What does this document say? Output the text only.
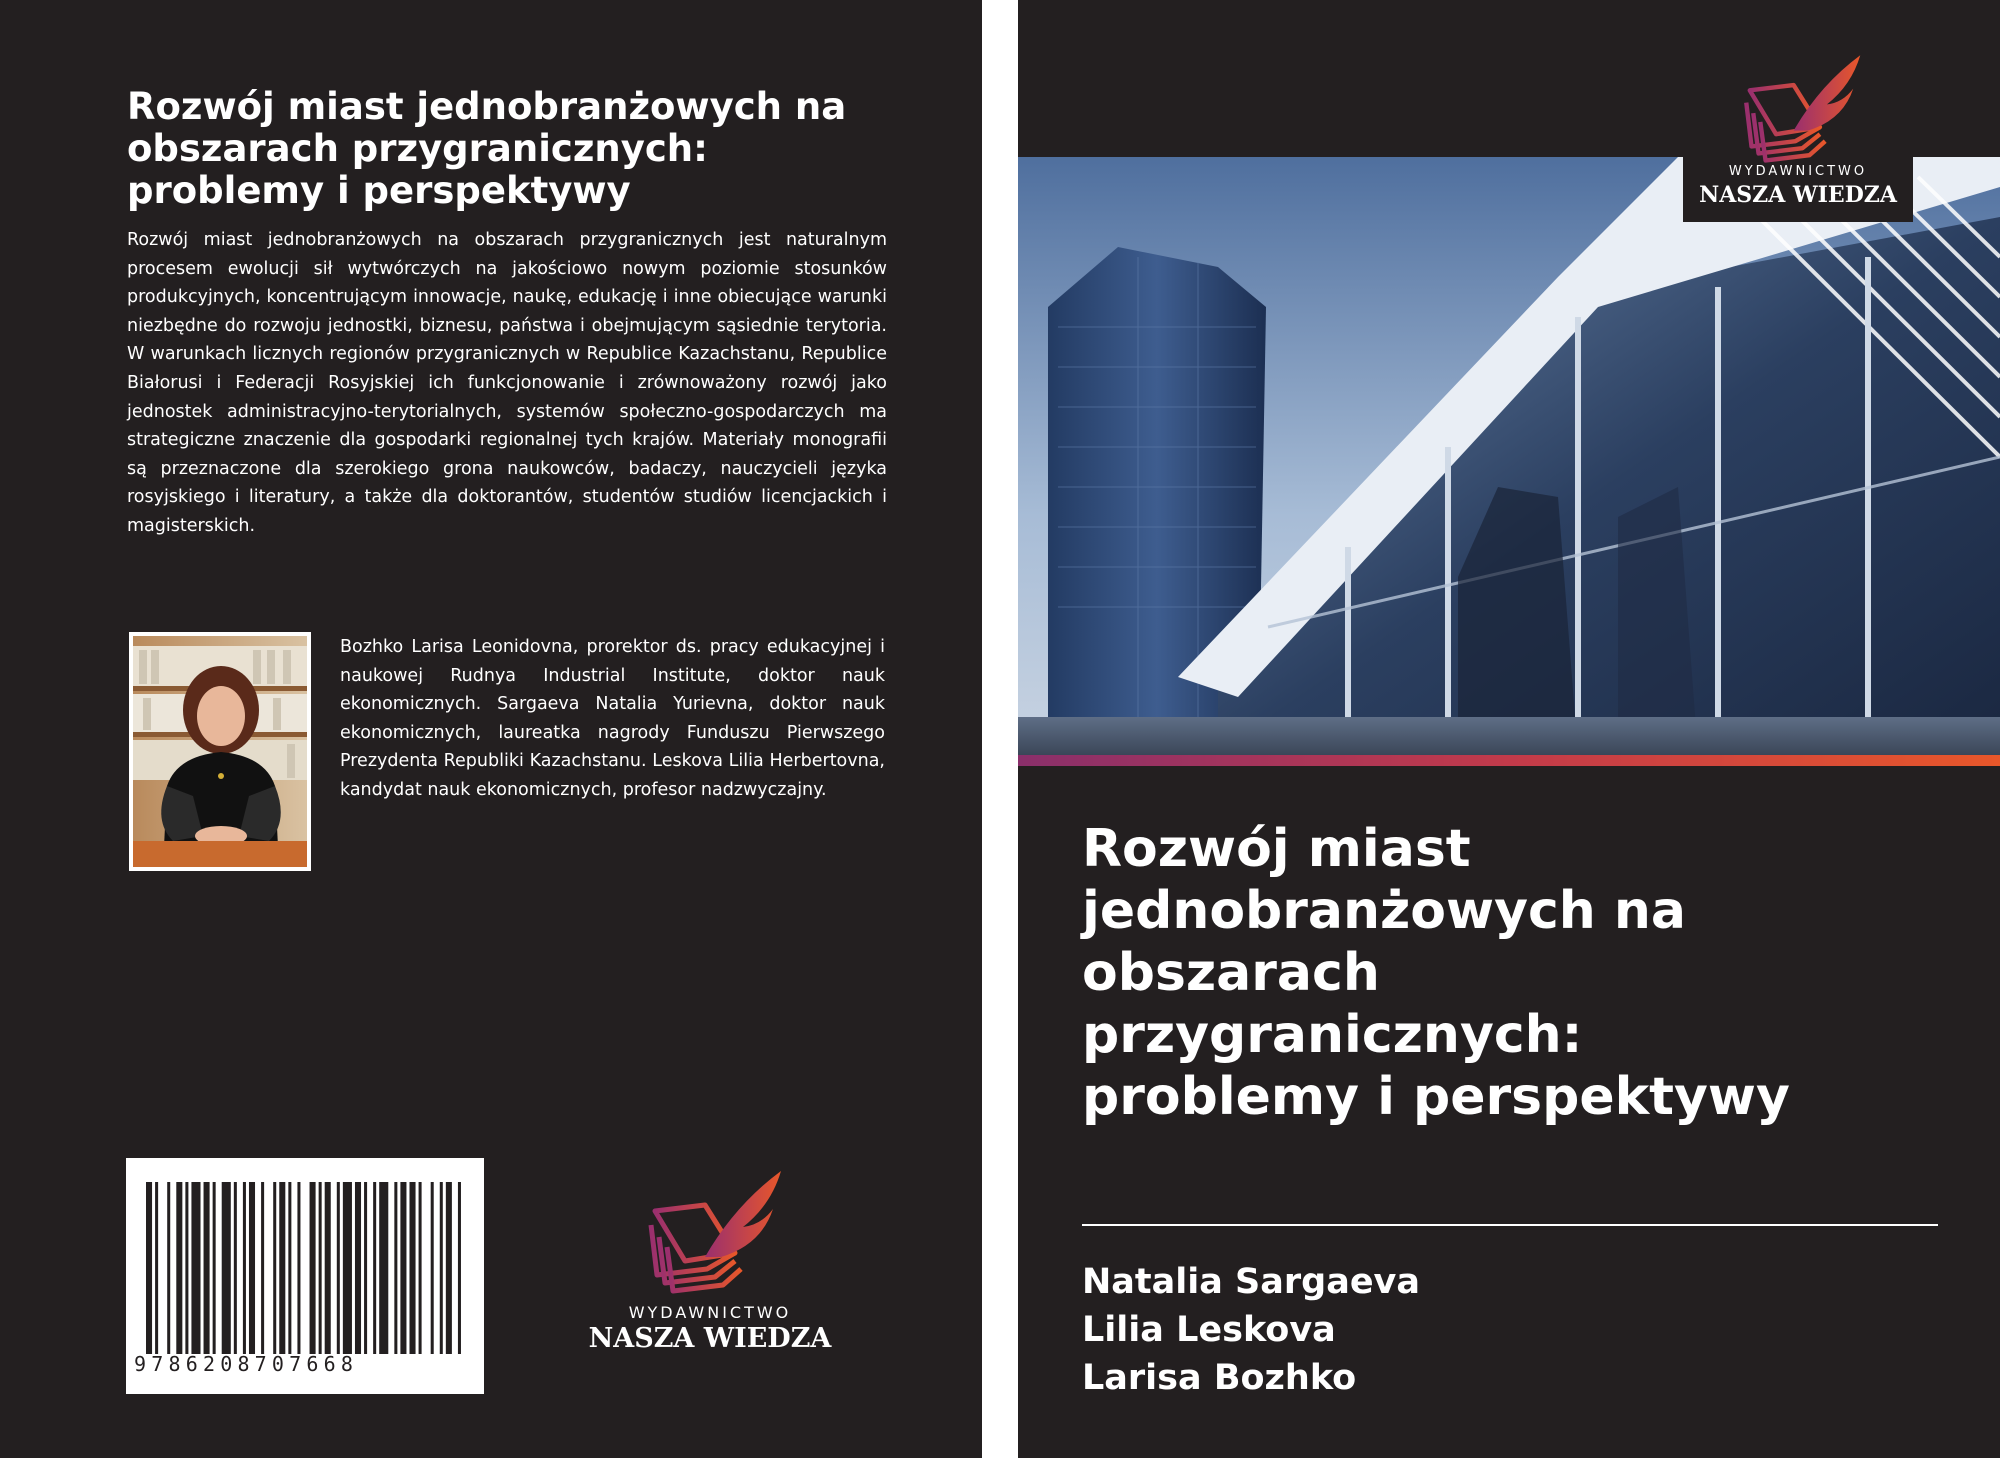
Rozwój miast jednobranżowych na
obszarach przygranicznych:
problemy i perspektywy

Rozwój miast jednobranżowych na obszarach przygranicznych jest naturalnym procesem ewolucji sił wytwórczych na jakościowo nowym poziomie stosunków produkcyjnych, koncentrującym innowacje, naukę, edukację i inne obiecujące warunki niezbędne do rozwoju jednostki, biznesu, państwa i obejmującym sąsiednie terytoria. W warunkach licznych regionów przygranicznych w Republice Kazachstanu, Republice Białorusi i Federacji Rosyjskiej ich funkcjonowanie i zrównoważony rozwój jako jednostek administracyjno-terytorialnych, systemów społeczno-gospodarczych ma strategiczne znaczenie dla gospodarki regionalnej tych krajów. Materiały monografii są przeznaczone dla szerokiego grona naukowców, badaczy, nauczycieli języka rosyjskiego i literatury, a także dla doktorantów, studentów studiów licencjackich i magisterskich.

Bozhko Larisa Leonidovna, prorektor ds. pracy edukacyjnej i naukowej Rudnya Industrial Institute, doktor nauk ekonomicznych. Sargaeva Natalia Yurievna, doktor nauk ekonomicznych, laureatka nagrody Funduszu Pierwszego Prezydenta Republiki Kazachstanu. Leskova Lilia Herbertovna, kandydat nauk ekonomicznych, profesor nadzwyczajny.

9786208707668
WYDAWNICTWO
NASZA WIEDZA
WYDAWNICTWO
NASZA WIEDZA
Rozwój miast
jednobranżowych na
obszarach
przygranicznych:
problemy i perspektywy
Natalia Sargaeva
Lilia Leskova
Larisa Bozhko
